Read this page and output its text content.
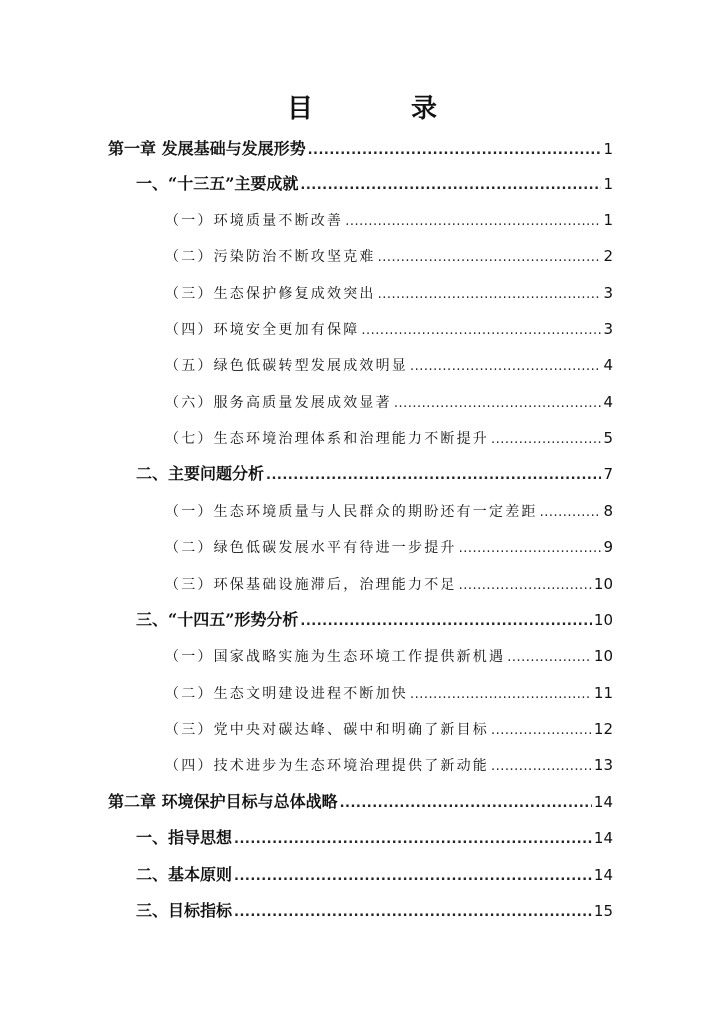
目　录
第一章 发展基础与发展形势 .....	1
一、“十三五”主要成就 .....	1
（一）环境质量不断改善 .....	1
（二）污染防治不断攻坚克难 .....	2
（三）生态保护修复成效突出 .....	3
（四）环境安全更加有保障 .....	3
（五）绿色低碳转型发展成效明显 .....	4
（六）服务高质量发展成效显著 .....	4
（七）生态环境治理体系和治理能力不断提升 .....	5
二、主要问题分析 .....	7
（一）生态环境质量与人民群众的期盼还有一定差距 .....	8
（二）绿色低碳发展水平有待进一步提升 .....	9
（三）环保基础设施滞后，治理能力不足 .....	10
三、“十四五”形势分析 .....	10
（一）国家战略实施为生态环境工作提供新机遇 .....	10
（二）生态文明建设进程不断加快 .....	11
（三）党中央对碳达峰、碳中和明确了新目标 .....	12
（四）技术进步为生态环境治理提供了新动能 .....	13
第二章 环境保护目标与总体战略 .....	14
一、指导思想 .....	14
二、基本原则 .....	14
三、目标指标 .....	15
